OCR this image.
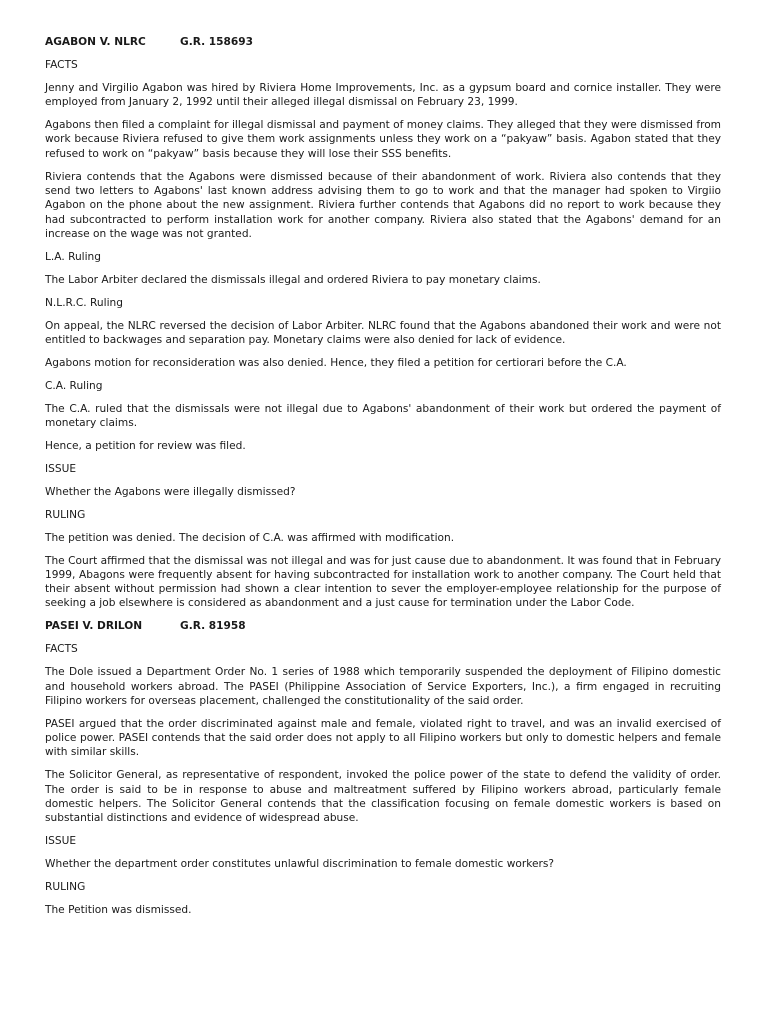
AGABON V. NLRC	G.R. 158693
FACTS

Jenny and Virgilio Agabon was hired by Riviera Home Improvements, Inc. as a gypsum board and cornice installer. They were employed from January 2, 1992 until their alleged illegal dismissal on February 23, 1999.

Agabons then filed a complaint for illegal dismissal and payment of money claims. They alleged that they were dismissed from work because Riviera refused to give them work assignments unless they work on a “pakyaw” basis. Agabon stated that they refused to work on “pakyaw” basis because they will lose their SSS benefits.

Riviera contends that the Agabons were dismissed because of their abandonment of work. Riviera also contends that they send two letters to Agabons' last known address advising them to go to work and that the manager had spoken to Virgiio Agabon on the phone about the new assignment. Riviera further contends that Agabons did no report to work because they had subcontracted to perform installation work for another company. Riviera also stated that the Agabons' demand for an increase on the wage was not granted.

L.A. Ruling

The Labor Arbiter declared the dismissals illegal and ordered Riviera to pay monetary claims.

N.L.R.C. Ruling

On appeal, the NLRC reversed the decision of Labor Arbiter. NLRC found that the Agabons abandoned their work and were not entitled to backwages and separation pay. Monetary claims were also denied for lack of evidence.

Agabons motion for reconsideration was also denied. Hence, they filed a petition for certiorari before the C.A.

C.A. Ruling

The C.A. ruled that the dismissals were not illegal due to Agabons' abandonment of their work but ordered the payment of monetary claims.

Hence, a petition for review was filed.

ISSUE

Whether the Agabons were illegally dismissed?

RULING

The petition was denied. The decision of C.A. was affirmed with modification.

The Court affirmed that the dismissal was not illegal and was for just cause due to abandonment. It was found that in February 1999, Abagons were frequently absent for having subcontracted for installation work to another company. The Court held that their absent without permission had shown a clear intention to sever the employer-employee relationship for the purpose of seeking a job elsewhere is considered as abandonment and a just cause for termination under the Labor Code.

PASEI V. DRILON	G.R. 81958
FACTS

The Dole issued a Department Order No. 1 series of 1988 which temporarily suspended the deployment of Filipino domestic and household workers abroad. The PASEI (Philippine Association of Service Exporters, Inc.), a firm engaged in recruiting Filipino workers for overseas placement, challenged the constitutionality of the said order.

PASEI argued that the order discriminated against male and female, violated right to travel, and was an invalid exercised of police power. PASEI contends that the said order does not apply to all Filipino workers but only to domestic helpers and female with similar skills.

The Solicitor General, as representative of respondent, invoked the police power of the state to defend the validity of order. The order is said to be in response to abuse and maltreatment suffered by Filipino workers abroad, particularly female domestic helpers. The Solicitor General contends that the classification focusing on female domestic workers is based on substantial distinctions and evidence of widespread abuse.

ISSUE

Whether the department order constitutes unlawful discrimination to female domestic workers?

RULING

The Petition was dismissed.
